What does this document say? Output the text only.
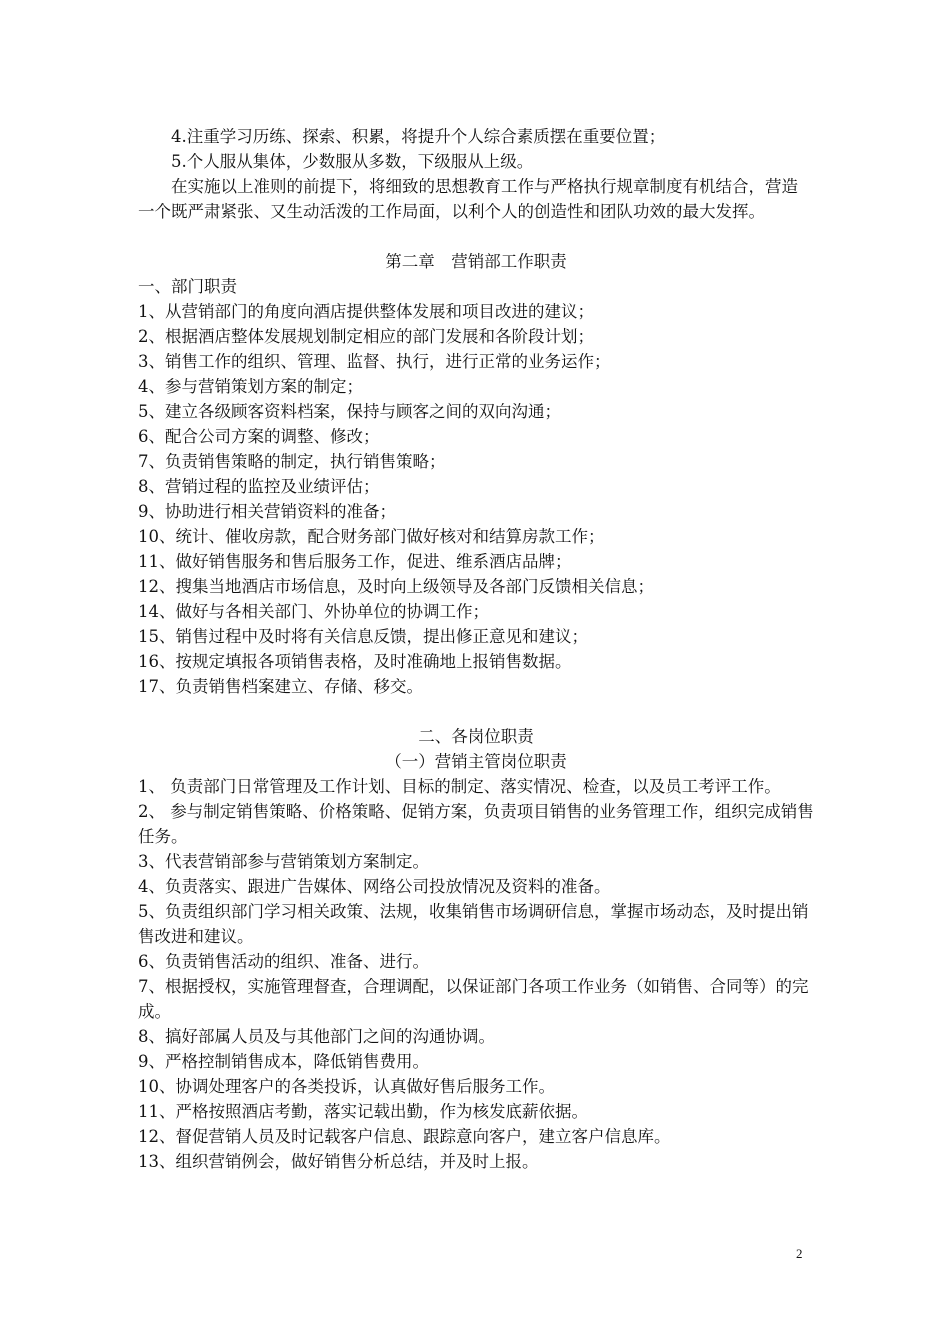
4.注重学习历练、探索、积累，将提升个人综合素质摆在重要位置；

5.个人服从集体，少数服从多数，下级服从上级。

在实施以上准则的前提下，将细致的思想教育工作与严格执行规章制度有机结合，营造一个既严肃紧张、又生动活泼的工作局面，以利个人的创造性和团队功效的最大发挥。

第二章　营销部工作职责

一、部门职责

1、从营销部门的角度向酒店提供整体发展和项目改进的建议；

2、根据酒店整体发展规划制定相应的部门发展和各阶段计划；

3、销售工作的组织、管理、监督、执行，进行正常的业务运作；

4、参与营销策划方案的制定；

5、建立各级顾客资料档案，保持与顾客之间的双向沟通；

6、配合公司方案的调整、修改；

7、负责销售策略的制定，执行销售策略；

8、营销过程的监控及业绩评估；

9、协助进行相关营销资料的准备；

10、统计、催收房款，配合财务部门做好核对和结算房款工作；

11、做好销售服务和售后服务工作，促进、维系酒店品牌；

12、搜集当地酒店市场信息，及时向上级领导及各部门反馈相关信息；

14、做好与各相关部门、外协单位的协调工作；

15、销售过程中及时将有关信息反馈，提出修正意见和建议；

16、按规定填报各项销售表格，及时准确地上报销售数据。

17、负责销售档案建立、存储、移交。

二、各岗位职责

（一）营销主管岗位职责

1、 负责部门日常管理及工作计划、目标的制定、落实情况、检查，以及员工考评工作。

2、 参与制定销售策略、价格策略、促销方案，负责项目销售的业务管理工作，组织完成销售任务。

3、代表营销部参与营销策划方案制定。

4、负责落实、跟进广告媒体、网络公司投放情况及资料的准备。

5、负责组织部门学习相关政策、法规，收集销售市场调研信息，掌握市场动态，及时提出销售改进和建议。

6、负责销售活动的组织、准备、进行。

7、根据授权，实施管理督查，合理调配，以保证部门各项工作业务（如销售、合同等）的完成。

8、搞好部属人员及与其他部门之间的沟通协调。

9、严格控制销售成本，降低销售费用。

10、协调处理客户的各类投诉，认真做好售后服务工作。

11、严格按照酒店考勤，落实记载出勤，作为核发底薪依据。

12、督促营销人员及时记载客户信息、跟踪意向客户，建立客户信息库。

13、组织营销例会，做好销售分析总结，并及时上报。

2
